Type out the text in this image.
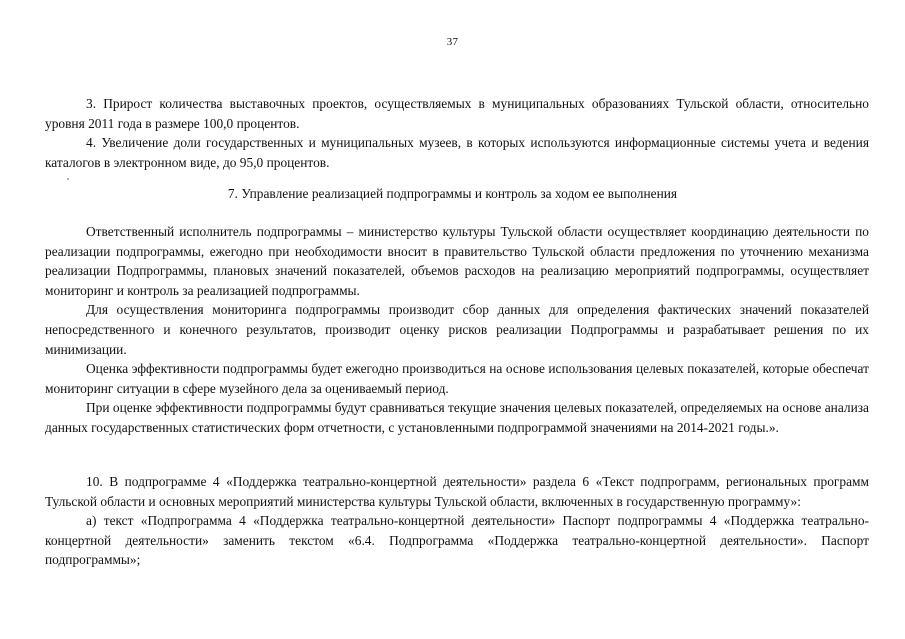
37

3. Прирост количества выставочных проектов, осуществляемых в муниципальных образованиях Тульской области, относительно уровня 2011 года в размере 100,0 процентов.

4. Увеличение доли государственных и муниципальных музеев, в которых используются информационные системы учета и ведения каталогов в электронном виде, до 95,0 процентов.

7. Управление реализацией подпрограммы и контроль за ходом ее выполнения

Ответственный исполнитель подпрограммы – министерство культуры Тульской области осуществляет координацию деятельности по реализации подпрограммы, ежегодно при необходимости вносит в правительство Тульской области предложения по уточнению механизма реализации Подпрограммы, плановых значений показателей, объемов расходов на реализацию мероприятий подпрограммы, осуществляет мониторинг и контроль за реализацией подпрограммы.

Для осуществления мониторинга подпрограммы производит сбор данных для определения фактических значений показателей непосредственного и конечного результатов, производит оценку рисков реализации Подпрограммы и разрабатывает решения по их минимизации.

Оценка эффективности подпрограммы будет ежегодно производиться на основе использования целевых показателей, которые обеспечат мониторинг ситуации в сфере музейного дела за оцениваемый период.

При оценке эффективности подпрограммы будут сравниваться текущие значения целевых показателей, определяемых на основе анализа данных государственных статистических форм отчетности, с установленными подпрограммой значениями на 2014-2021 годы.».

10. В подпрограмме 4 «Поддержка театрально-концертной деятельности» раздела 6 «Текст подпрограмм, региональных программ Тульской области и основных мероприятий министерства культуры Тульской области, включенных в государственную программу»:

а) текст «Подпрограмма 4 «Поддержка театрально-концертной деятельности» Паспорт подпрограммы 4 «Поддержка театрально-концертной деятельности» заменить текстом «6.4. Подпрограмма «Поддержка театрально-концертной деятельности». Паспорт подпрограммы»;
